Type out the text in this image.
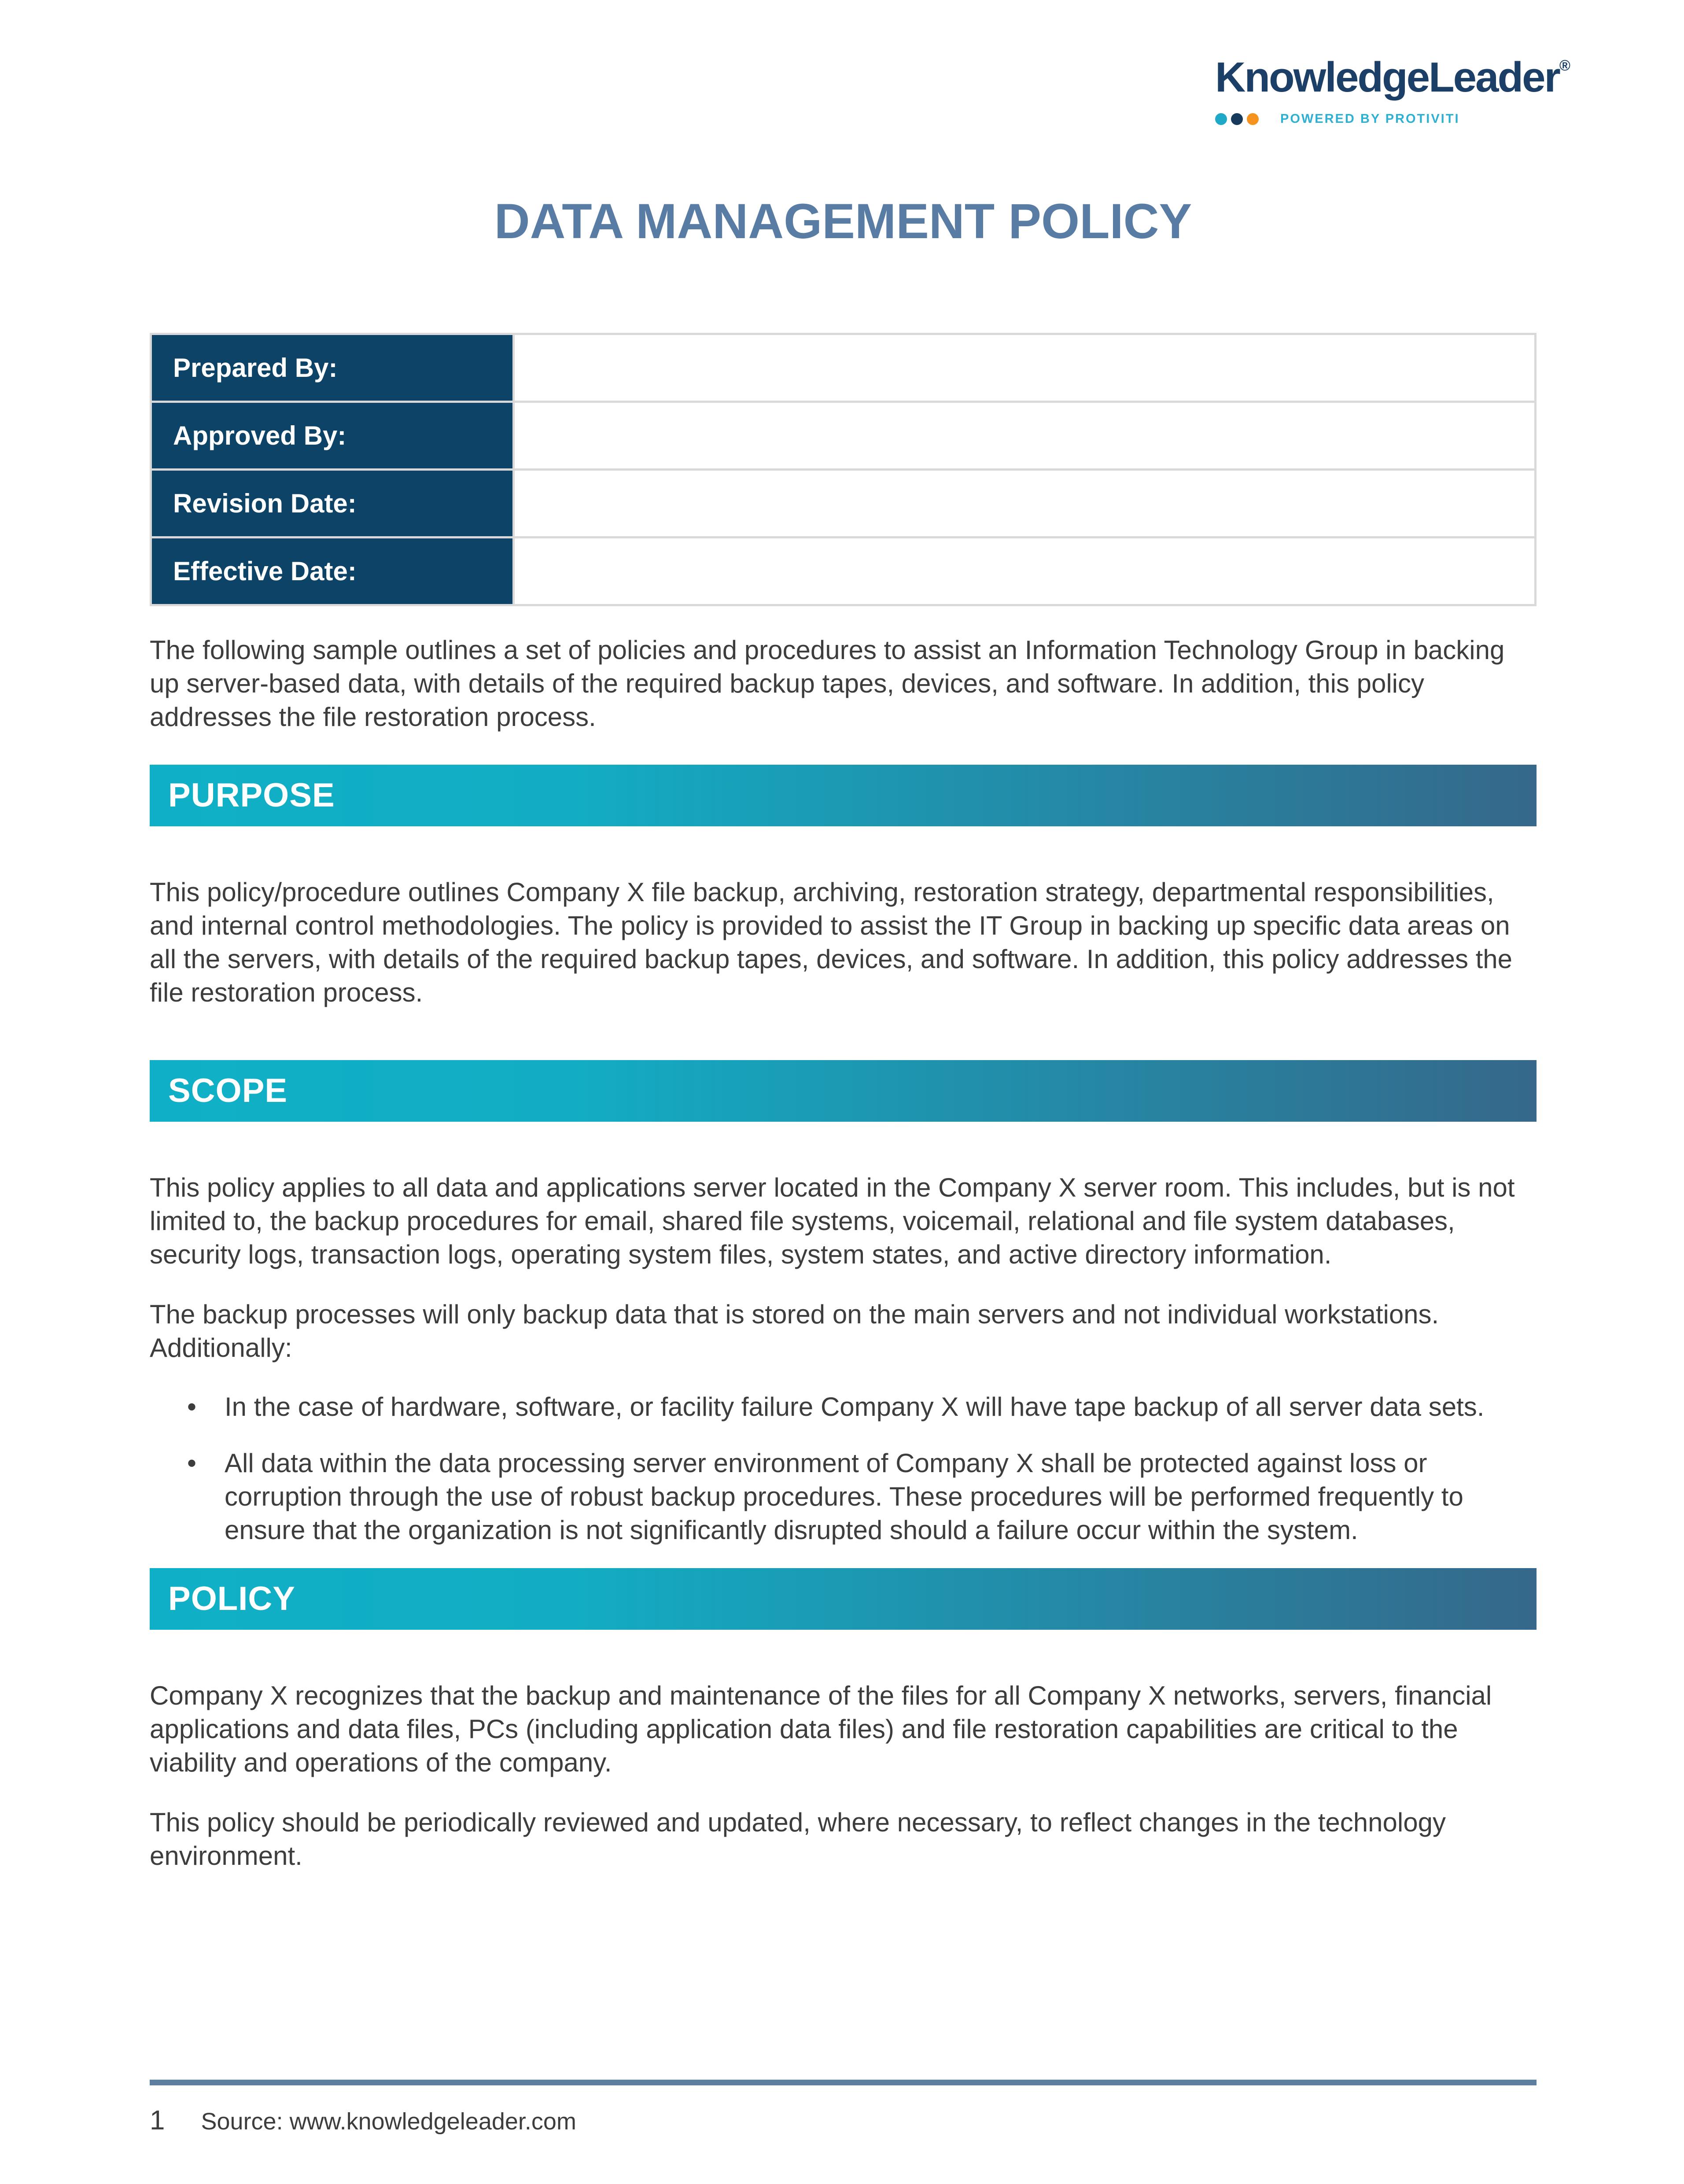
KnowledgeLeader®
POWERED BY PROTIVITI
DATA MANAGEMENT POLICY
Prepared By:	
Approved By:	
Revision Date:	
Effective Date:	

The following sample outlines a set of policies and procedures to assist an Information Technology Group in backing up server-based data, with details of the required backup tapes, devices, and software. In addition, this policy addresses the file restoration process.

PURPOSE

This policy/procedure outlines Company X file backup, archiving, restoration strategy, departmental responsibilities, and internal control methodologies. The policy is provided to assist the IT Group in backing up specific data areas on all the servers, with details of the required backup tapes, devices, and software. In addition, this policy addresses the file restoration process.

SCOPE

This policy applies to all data and applications server located in the Company X server room. This includes, but is not limited to, the backup procedures for email, shared file systems, voicemail, relational and file system databases, security logs, transaction logs, operating system files, system states, and active directory information.

The backup processes will only backup data that is stored on the main servers and not individual workstations. Additionally:

• In the case of hardware, software, or facility failure Company X will have tape backup of all server data sets.
• All data within the data processing server environment of Company X shall be protected against loss or corruption through the use of robust backup procedures. These procedures will be performed frequently to ensure that the organization is not significantly disrupted should a failure occur within the system.
POLICY

Company X recognizes that the backup and maintenance of the files for all Company X networks, servers, financial applications and data files, PCs (including application data files) and file restoration capabilities are critical to the viability and operations of the company.

This policy should be periodically reviewed and updated, where necessary, to reflect changes in the technology environment.

1 Source: www.knowledgeleader.com
